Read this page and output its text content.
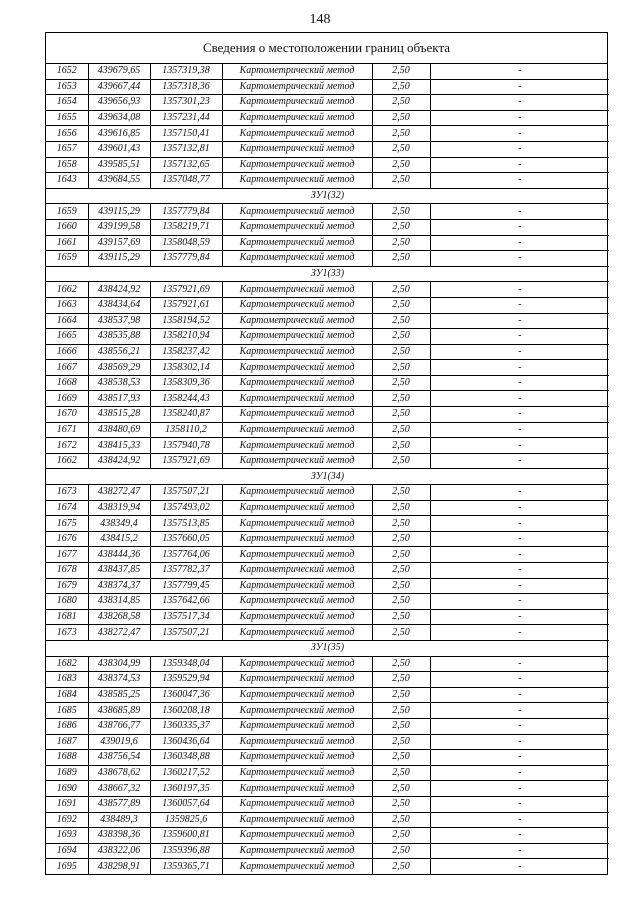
148
Сведения о местоположении границ объекта
1652	439679,65	1357319,38	Картометрический метод	2,50	-
1653	439667,44	1357318,36	Картометрический метод	2,50	-
1654	439656,93	1357301,23	Картометрический метод	2,50	-
1655	439634,08	1357231,44	Картометрический метод	2,50	-
1656	439616,85	1357150,41	Картометрический метод	2,50	-
1657	439601,43	1357132,81	Картометрический метод	2,50	-
1658	439585,51	1357132,65	Картометрический метод	2,50	-
1643	439684,55	1357048,77	Картометрический метод	2,50	-
ЗУ1(32)					
1659	439115,29	1357779,84	Картометрический метод	2,50	-
1660	439199,58	1358219,71	Картометрический метод	2,50	-
1661	439157,69	1358048,59	Картометрический метод	2,50	-
1659	439115,29	1357779,84	Картометрический метод	2,50	-
ЗУ1(33)					
1662	438424,92	1357921,69	Картометрический метод	2,50	-
1663	438434,64	1357921,61	Картометрический метод	2,50	-
1664	438537,98	1358194,52	Картометрический метод	2,50	-
1665	438535,88	1358210,94	Картометрический метод	2,50	-
1666	438556,21	1358237,42	Картометрический метод	2,50	-
1667	438569,29	1358302,14	Картометрический метод	2,50	-
1668	438538,53	1358309,36	Картометрический метод	2,50	-
1669	438517,93	1358244,43	Картометрический метод	2,50	-
1670	438515,28	1358240,87	Картометрический метод	2,50	-
1671	438480,69	1358110,2	Картометрический метод	2,50	-
1672	438415,33	1357940,78	Картометрический метод	2,50	-
1662	438424,92	1357921,69	Картометрический метод	2,50	-
ЗУ1(34)					
1673	438272,47	1357507,21	Картометрический метод	2,50	-
1674	438319,94	1357493,02	Картометрический метод	2,50	-
1675	438349,4	1357513,85	Картометрический метод	2,50	-
1676	438415,2	1357660,05	Картометрический метод	2,50	-
1677	438444,36	1357764,06	Картометрический метод	2,50	-
1678	438437,85	1357782,37	Картометрический метод	2,50	-
1679	438374,37	1357799,45	Картометрический метод	2,50	-
1680	438314,85	1357642,66	Картометрический метод	2,50	-
1681	438268,58	1357517,34	Картометрический метод	2,50	-
1673	438272,47	1357507,21	Картометрический метод	2,50	-
ЗУ1(35)					
1682	438304,99	1359348,04	Картометрический метод	2,50	-
1683	438374,53	1359529,94	Картометрический метод	2,50	-
1684	438585,25	1360047,36	Картометрический метод	2,50	-
1685	438685,89	1360208,18	Картометрический метод	2,50	-
1686	438766,77	1360335,37	Картометрический метод	2,50	-
1687	439019,6	1360436,64	Картометрический метод	2,50	-
1688	438756,54	1360348,88	Картометрический метод	2,50	-
1689	438678,62	1360217,52	Картометрический метод	2,50	-
1690	438667,32	1360197,35	Картометрический метод	2,50	-
1691	438577,89	1360057,64	Картометрический метод	2,50	-
1692	438489,3	1359825,6	Картометрический метод	2,50	-
1693	438398,36	1359600,81	Картометрический метод	2,50	-
1694	438322,06	1359396,88	Картометрический метод	2,50	-
1695	438298,91	1359365,71	Картометрический метод	2,50	-
